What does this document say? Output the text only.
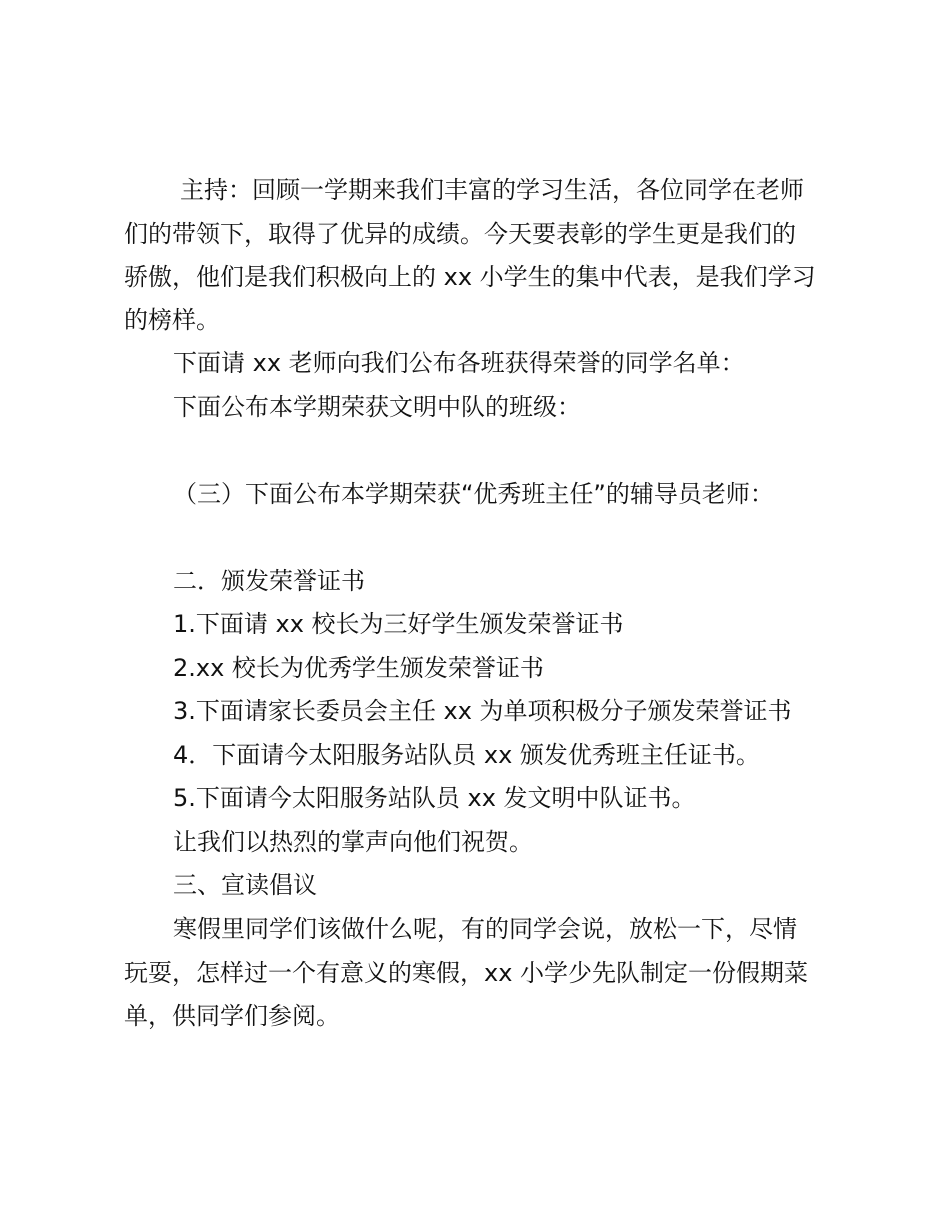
主持：回顾一学期来我们丰富的学习生活，各位同学在老师
们的带领下，取得了优异的成绩。今天要表彰的学生更是我们的
骄傲，他们是我们积极向上的 xx 小学生的集中代表，是我们学习
的榜样。
下面请 xx 老师向我们公布各班获得荣誉的同学名单：
下面公布本学期荣获文明中队的班级：
（三）下面公布本学期荣获“优秀班主任”的辅导员老师：
二．颁发荣誉证书
1.下面请 xx 校长为三好学生颁发荣誉证书
2.xx 校长为优秀学生颁发荣誉证书
3.下面请家长委员会主任 xx 为单项积极分子颁发荣誉证书
4．下面请今太阳服务站队员 xx 颁发优秀班主任证书。
5.下面请今太阳服务站队员 xx 发文明中队证书。
让我们以热烈的掌声向他们祝贺。
三、宣读倡议
寒假里同学们该做什么呢，有的同学会说，放松一下，尽情
玩耍，怎样过一个有意义的寒假，xx 小学少先队制定一份假期菜
单，供同学们参阅。
